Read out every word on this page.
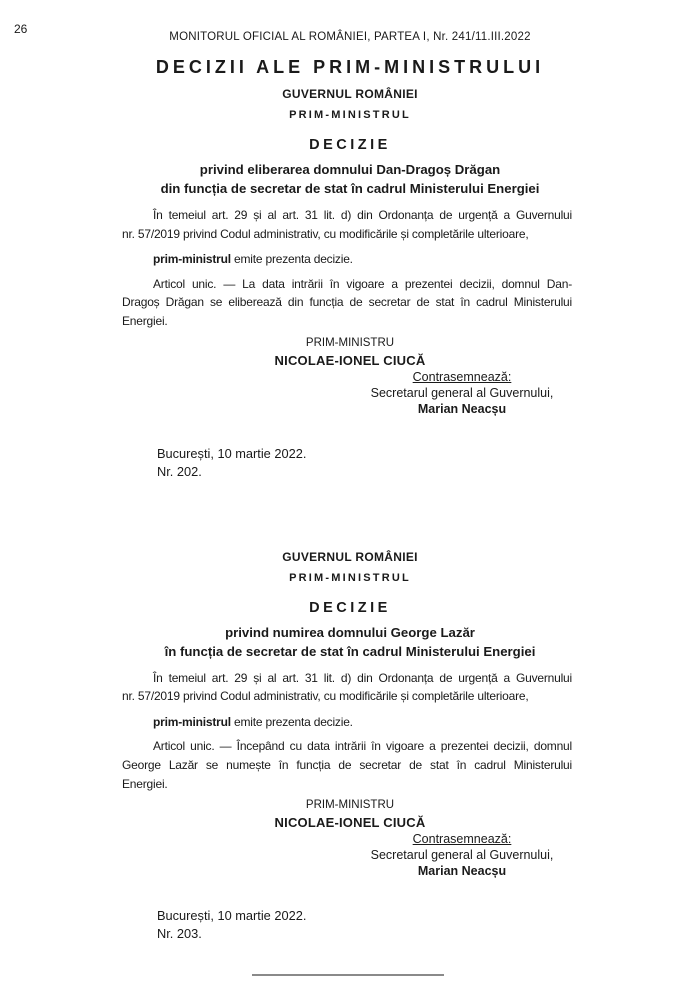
26
MONITORUL OFICIAL AL ROMÂNIEI, PARTEA I, Nr. 241/11.III.2022
DECIZII ALE PRIM-MINISTRULUI
GUVERNUL ROMÂNIEI
PRIM-MINISTRUL
DECIZIE
privind eliberarea domnului Dan-Dragoș Drăgan
din funcția de secretar de stat în cadrul Ministerului Energiei
În temeiul art. 29 și al art. 31 lit. d) din Ordonanța de urgență a Guvernului
nr. 57/2019 privind Codul administrativ, cu modificările și completările ulterioare,
prim-ministrul emite prezenta decizie.
Articol unic. — La data intrării în vigoare a prezentei decizii, domnul Dan-
Dragoș Drăgan se eliberează din funcția de secretar de stat în cadrul Ministerului
Energiei.
PRIM-MINISTRU
NICOLAE-IONEL CIUCĂ
Contrasemnează:
Secretarul general al Guvernului,
Marian Neacșu
București, 10 martie 2022.
Nr. 202.
GUVERNUL ROMÂNIEI
PRIM-MINISTRUL
DECIZIE
privind numirea domnului George Lazăr
în funcția de secretar de stat în cadrul Ministerului Energiei
În temeiul art. 29 și al art. 31 lit. d) din Ordonanța de urgență a Guvernului
nr. 57/2019 privind Codul administrativ, cu modificările și completările ulterioare,
prim-ministrul emite prezenta decizie.
Articol unic. — Începând cu data intrării în vigoare a prezentei decizii, domnul
George Lazăr se numește în funcția de secretar de stat în cadrul Ministerului
Energiei.
PRIM-MINISTRU
NICOLAE-IONEL CIUCĂ
Contrasemnează:
Secretarul general al Guvernului,
Marian Neacșu
București, 10 martie 2022.
Nr. 203.
